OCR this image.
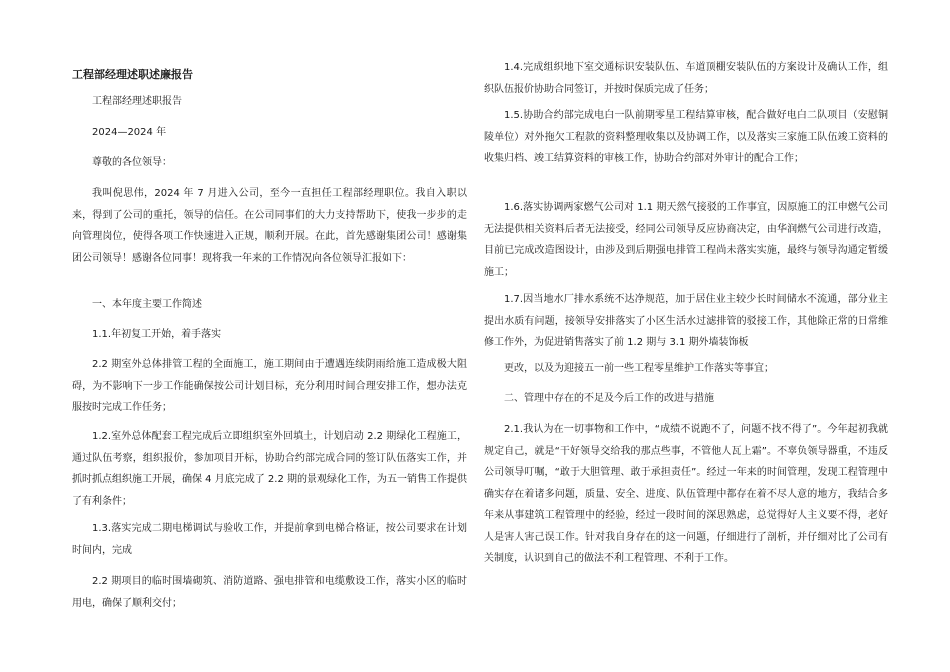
工程部经理述职述廉报告

工程部经理述职报告

2024—2024 年

尊敬的各位领导：

我叫倪思伟，2024 年 7 月进入公司，至今一直担任工程部经理职位。我自入职以来，得到了公司的重托，领导的信任。在公司同事们的大力支持帮助下，使我一步步的走向管理岗位，使得各项工作快速进入正规，顺利开展。在此，首先感谢集团公司！感谢集团公司领导！感谢各位同事！现将我一年来的工作情况向各位领导汇报如下：

一、本年度主要工作简述

1.1.年初复工开始，着手落实

2.2 期室外总体排管工程的全面施工，施工期间由于遭遇连续阴雨给施工造成极大阻碍，为不影响下一步工作能确保按公司计划目标，充分利用时间合理安排工作，想办法克服按时完成工作任务；

1.2.室外总体配套工程完成后立即组织室外回填土，计划启动 2.2 期绿化工程施工，通过队伍考察，组织报价，参加项目开标，协助合约部完成合同的签订队伍落实工作，并抓时抓点组织施工开展，确保 4 月底完成了 2.2 期的景观绿化工作，为五一销售工作提供了有利条件；

1.3.落实完成二期电梯调试与验收工作，并提前拿到电梯合格证，按公司要求在计划时间内，完成

2.2 期项目的临时围墙砌筑、消防道路、强电排管和电缆敷设工作，落实小区的临时用电，确保了顺利交付；

1.4.完成组织地下室交通标识安装队伍、车道顶棚安装队伍的方案设计及确认工作，组织队伍报价协助合同签订，并按时保质完成了任务；

1.5.协助合约部完成电白一队前期零星工程结算审核，配合做好电白二队项目（安慰铜陵单位）对外拖欠工程款的资料整理收集以及协调工作，以及落实三家施工队伍竣工资料的收集归档、竣工结算资料的审核工作，协助合约部对外审计的配合工作；

1.6.落实协调两家燃气公司对 1.1 期天然气接驳的工作事宜，因原施工的江申燃气公司无法提供相关资料后者无法接受，经同公司领导反应协商决定，由华润燃气公司进行改造，目前已完成改造图设计，由涉及到后期强电排管工程尚未落实实施，最终与领导沟通定暂缓施工；

1.7.因当地水厂排水系统不达净规范，加于居住业主较少长时间储水不流通，部分业主提出水质有问题，接领导安排落实了小区生活水过滤排管的驳接工作，其他除正常的日常维修工作外，为促进销售落实了前 1.2 期与 3.1 期外墙装饰板

更改，以及为迎接五一前一些工程零星维护工作落实等事宜；

二、管理中存在的不足及今后工作的改进与措施

2.1.我认为在一切事物和工作中，“成绩不说跑不了，问题不找不得了”。今年起初我就规定自己，就是“干好领导交给我的那点些事，不管他人瓦上霜”。不辜负领导器重，不违反公司领导叮嘱，“敢于大胆管理、敢于承担责任”。经过一年来的时间管理，发现工程管理中确实存在着诸多问题，质量、安全、进度、队伍管理中都存在着不尽人意的地方，我结合多年来从事建筑工程管理中的经验，经过一段时间的深思熟虑，总觉得好人主义要不得，老好人是害人害己误工作。针对我自身存在的这一问题，仔细进行了剖析，并仔细对比了公司有关制度，认识到自己的做法不利工程管理、不利于工作。
